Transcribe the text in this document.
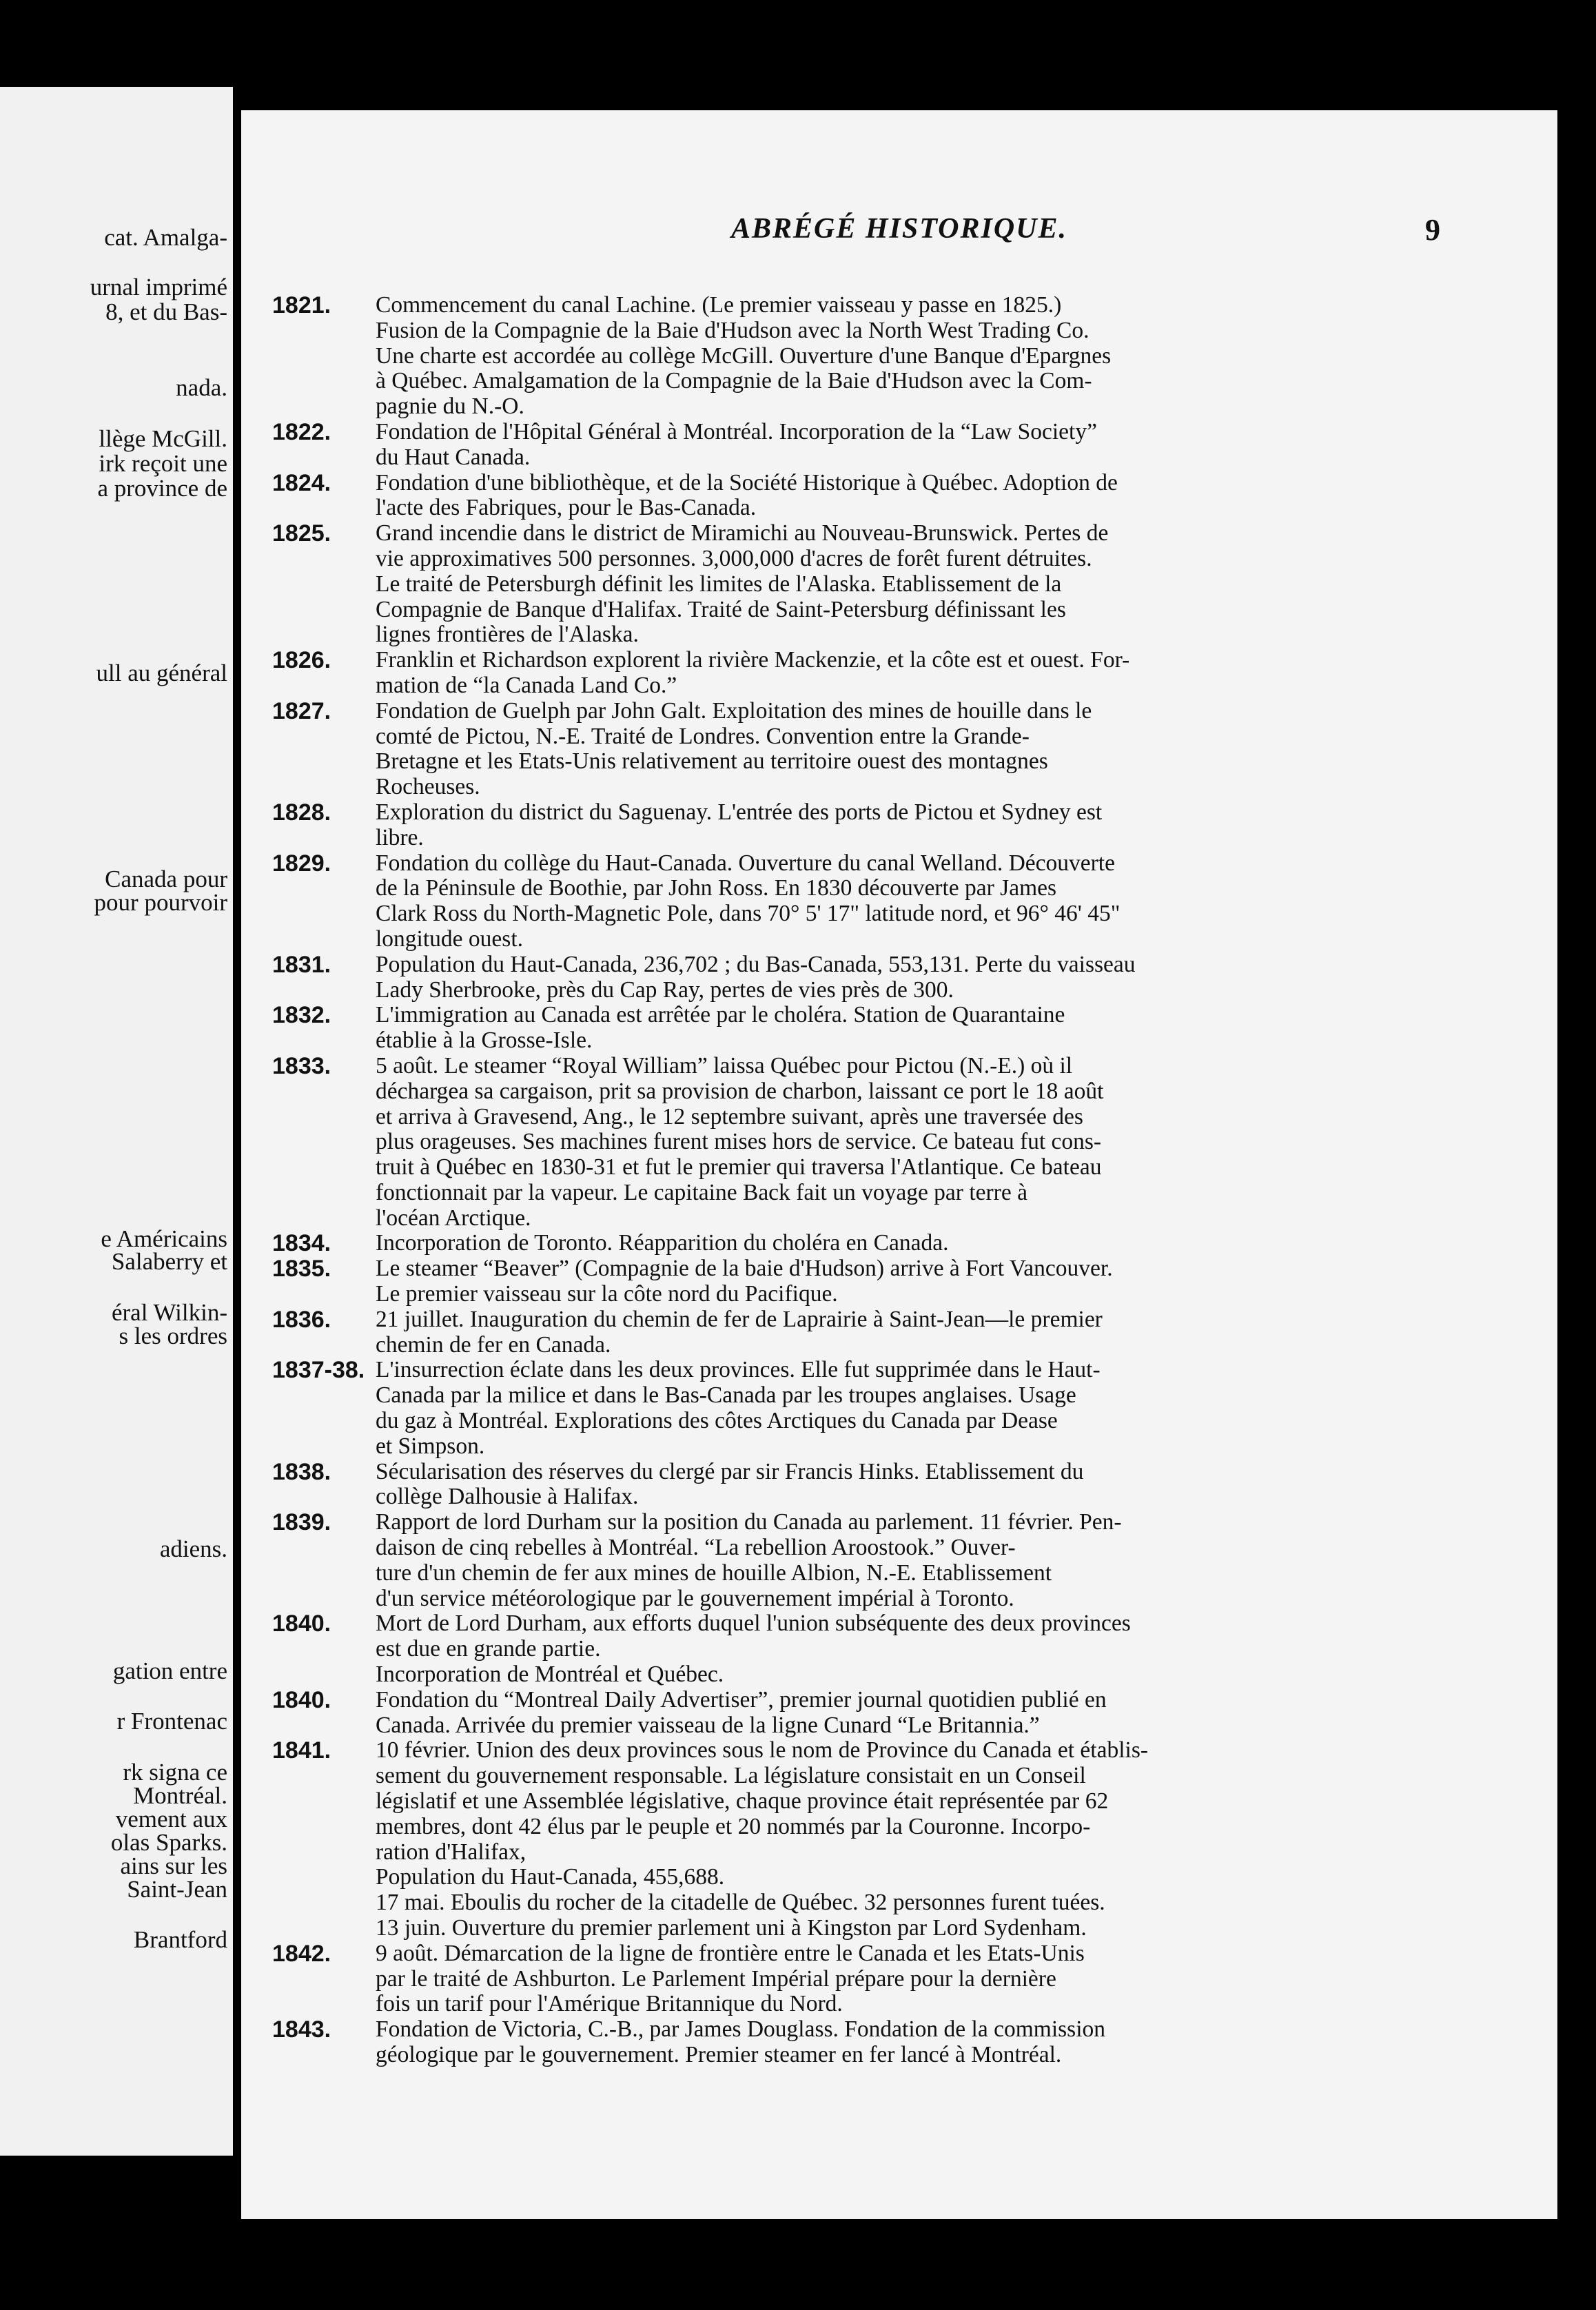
cat. Amalga-
urnal imprimé
8, et du Bas-
nada.
llège McGill.
irk reçoit une
a province de
ull au général
Canada pour
pour pourvoir
e Américains
Salaberry et
éral Wilkin-
s les ordres
adiens.
gation entre
r Frontenac
rk signa ce
Montréal.
vement aux
olas Sparks.
ains sur les
Saint-Jean
Brantford
ABRÉGÉ HISTORIQUE.	9
1821. Commencement du canal Lachine. (Le premier vaisseau y passe en 1825.)
Fusion de la Compagnie de la Baie d'Hudson avec la North West Trading Co.
Une charte est accordée au collège McGill. Ouverture d'une Banque d'Epargnes
à Québec. Amalgamation de la Compagnie de la Baie d'Hudson avec la Com-
pagnie du N.-O.
1822. Fondation de l'Hôpital Général à Montréal. Incorporation de la “Law Society”
du Haut Canada.
1824. Fondation d'une bibliothèque, et de la Société Historique à Québec. Adoption de
l'acte des Fabriques, pour le Bas-Canada.
1825. Grand incendie dans le district de Miramichi au Nouveau-Brunswick. Pertes de
vie approximatives 500 personnes. 3,000,000 d'acres de forêt furent détruites.
Le traité de Petersburgh définit les limites de l'Alaska. Etablissement de la
Compagnie de Banque d'Halifax. Traité de Saint-Petersburg définissant les
lignes frontières de l'Alaska.
1826. Franklin et Richardson explorent la rivière Mackenzie, et la côte est et ouest. For-
mation de “la Canada Land Co.”
1827. Fondation de Guelph par John Galt. Exploitation des mines de houille dans le
comté de Pictou, N.-E. Traité de Londres. Convention entre la Grande-
Bretagne et les Etats-Unis relativement au territoire ouest des montagnes
Rocheuses.
1828. Exploration du district du Saguenay. L'entrée des ports de Pictou et Sydney est
libre.
1829. Fondation du collège du Haut-Canada. Ouverture du canal Welland. Découverte
de la Péninsule de Boothie, par John Ross. En 1830 découverte par James
Clark Ross du North-Magnetic Pole, dans 70° 5' 17" latitude nord, et 96° 46' 45"
longitude ouest.
1831. Population du Haut-Canada, 236,702 ; du Bas-Canada, 553,131. Perte du vaisseau
Lady Sherbrooke, près du Cap Ray, pertes de vies près de 300.
1832. L'immigration au Canada est arrêtée par le choléra. Station de Quarantaine
établie à la Grosse-Isle.
1833. 5 août. Le steamer “Royal William” laissa Québec pour Pictou (N.-E.) où il
déchargea sa cargaison, prit sa provision de charbon, laissant ce port le 18 août
et arriva à Gravesend, Ang., le 12 septembre suivant, après une traversée des
plus orageuses. Ses machines furent mises hors de service. Ce bateau fut cons-
truit à Québec en 1830-31 et fut le premier qui traversa l'Atlantique. Ce bateau
fonctionnait par la vapeur. Le capitaine Back fait un voyage par terre à
l'océan Arctique.
1834. Incorporation de Toronto. Réapparition du choléra en Canada.
1835. Le steamer “Beaver” (Compagnie de la baie d'Hudson) arrive à Fort Vancouver.
Le premier vaisseau sur la côte nord du Pacifique.
1836. 21 juillet. Inauguration du chemin de fer de Laprairie à Saint-Jean—le premier
chemin de fer en Canada.
1837-38. L'insurrection éclate dans les deux provinces. Elle fut supprimée dans le Haut-
Canada par la milice et dans le Bas-Canada par les troupes anglaises. Usage
du gaz à Montréal. Explorations des côtes Arctiques du Canada par Dease
et Simpson.
1838. Sécularisation des réserves du clergé par sir Francis Hinks. Etablissement du
collège Dalhousie à Halifax.
1839. Rapport de lord Durham sur la position du Canada au parlement. 11 février. Pen-
daison de cinq rebelles à Montréal. “La rebellion Aroostook.” Ouver-
ture d'un chemin de fer aux mines de houille Albion, N.-E. Etablissement
d'un service météorologique par le gouvernement impérial à Toronto.
1840. Mort de Lord Durham, aux efforts duquel l'union subséquente des deux provinces
est due en grande partie.
Incorporation de Montréal et Québec.
1840. Fondation du “Montreal Daily Advertiser”, premier journal quotidien publié en
Canada. Arrivée du premier vaisseau de la ligne Cunard “Le Britannia.”
1841. 10 février. Union des deux provinces sous le nom de Province du Canada et établis-
sement du gouvernement responsable. La législature consistait en un Conseil
législatif et une Assemblée législative, chaque province était représentée par 62
membres, dont 42 élus par le peuple et 20 nommés par la Couronne. Incorpo-
ration d'Halifax,
Population du Haut-Canada, 455,688.
17 mai. Eboulis du rocher de la citadelle de Québec. 32 personnes furent tuées.
13 juin. Ouverture du premier parlement uni à Kingston par Lord Sydenham.
1842. 9 août. Démarcation de la ligne de frontière entre le Canada et les Etats-Unis
par le traité de Ashburton. Le Parlement Impérial prépare pour la dernière
fois un tarif pour l'Amérique Britannique du Nord.
1843. Fondation de Victoria, C.-B., par James Douglass. Fondation de la commission
géologique par le gouvernement. Premier steamer en fer lancé à Montréal.
